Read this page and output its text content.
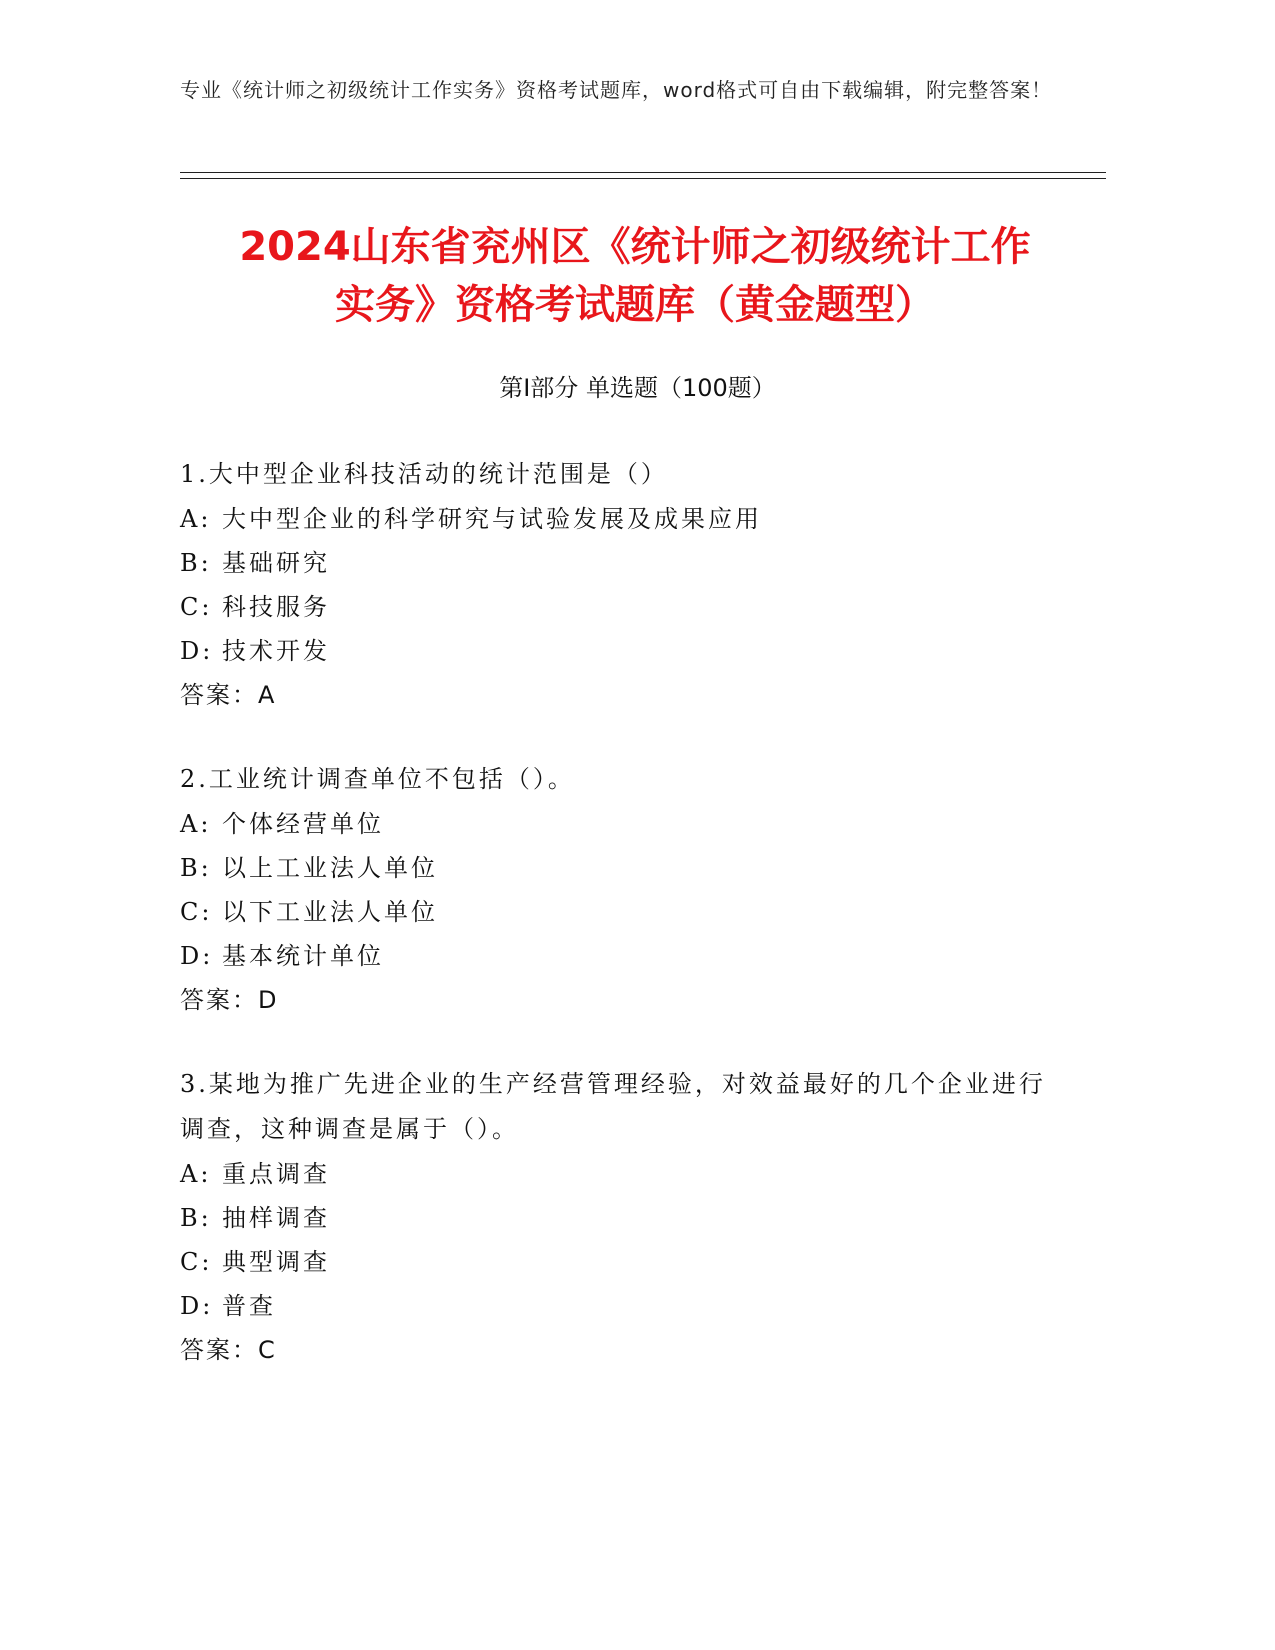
专业《统计师之初级统计工作实务》资格考试题库，word格式可自由下载编辑，附完整答案！
2024山东省兖州区《统计师之初级统计工作
实务》资格考试题库（黄金题型）
第Ⅰ部分 单选题（100题）
1.大中型企业科技活动的统计范围是（）
A: 大中型企业的科学研究与试验发展及成果应用
B: 基础研究
C: 科技服务
D: 技术开发
答案：A
2.工业统计调查单位不包括（）。
A: 个体经营单位
B: 以上工业法人单位
C: 以下工业法人单位
D: 基本统计单位
答案：D
3.某地为推广先进企业的生产经营管理经验，对效益最好的几个企业进行调查，这种调查是属于（）。
A: 重点调查
B: 抽样调查
C: 典型调查
D: 普查
答案：C
